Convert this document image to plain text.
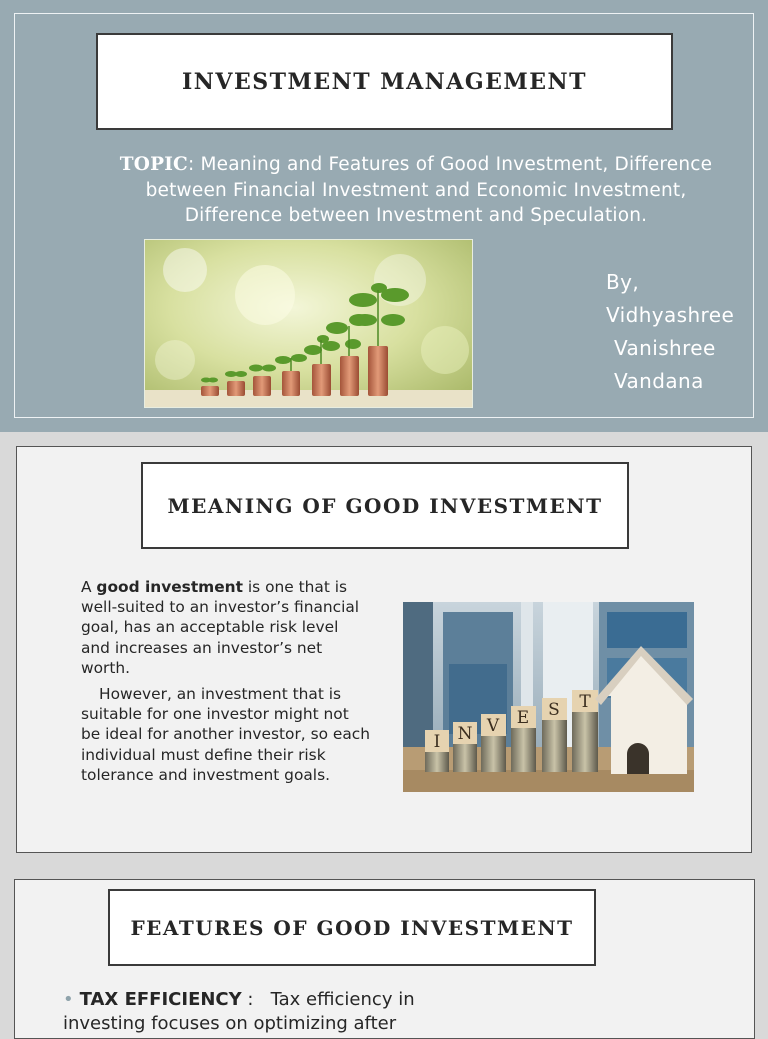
INVESTMENT MANAGEMENT
TOPIC: Meaning and Features of Good Investment, Difference between Financial Investment and Economic Investment, Difference between Investment and Speculation.
By,
Vidhyashree
Vanishree
Vandana
MEANING OF GOOD INVESTMENT

A good investment is one that is well-suited to an investor’s financial goal, has an acceptable risk level and increases an investor’s net worth.

However, an investment that is suitable for one investor might not be ideal for another investor, so each individual must define their risk tolerance and investment goals.

I N V E S T
FEATURES OF GOOD INVESTMENT
• TAX EFFICIENCY :   Tax efficiency in investing focuses on optimizing after
